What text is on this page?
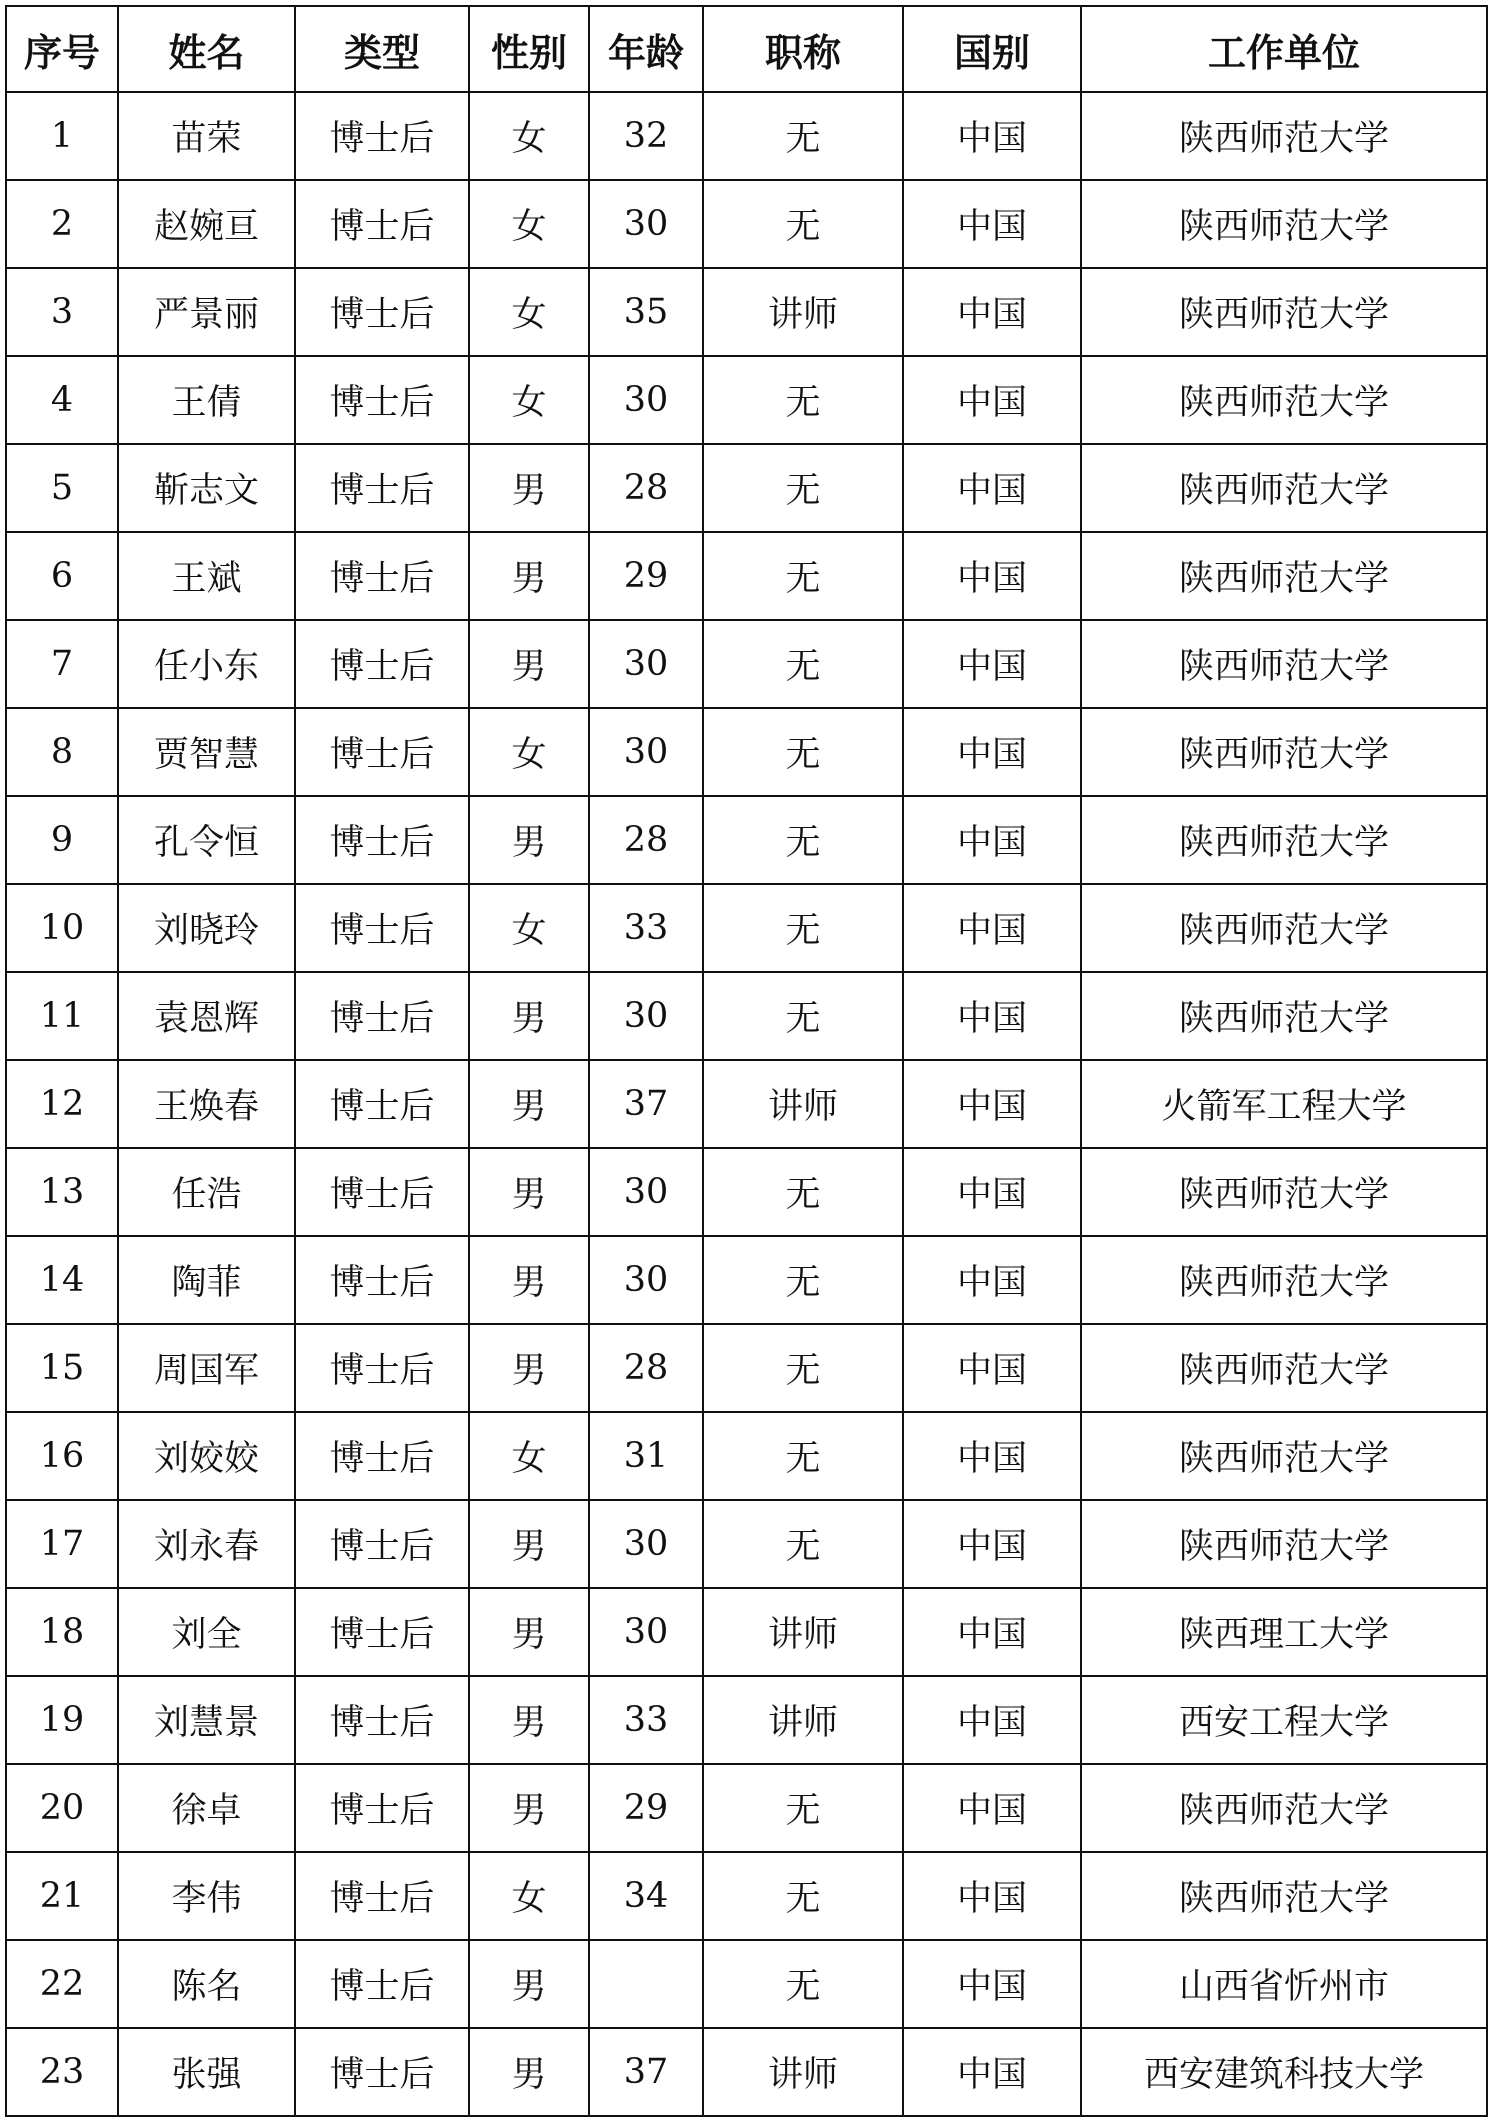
序号	姓名	类型	性别	年龄	职称	国别	工作单位
1	苗荣	博士后	女	32	无	中国	陕西师范大学
2	赵婉亘	博士后	女	30	无	中国	陕西师范大学
3	严景丽	博士后	女	35	讲师	中国	陕西师范大学
4	王倩	博士后	女	30	无	中国	陕西师范大学
5	靳志文	博士后	男	28	无	中国	陕西师范大学
6	王斌	博士后	男	29	无	中国	陕西师范大学
7	任小东	博士后	男	30	无	中国	陕西师范大学
8	贾智慧	博士后	女	30	无	中国	陕西师范大学
9	孔令恒	博士后	男	28	无	中国	陕西师范大学
10	刘晓玲	博士后	女	33	无	中国	陕西师范大学
11	袁恩辉	博士后	男	30	无	中国	陕西师范大学
12	王焕春	博士后	男	37	讲师	中国	火箭军工程大学
13	任浩	博士后	男	30	无	中国	陕西师范大学
14	陶菲	博士后	男	30	无	中国	陕西师范大学
15	周国军	博士后	男	28	无	中国	陕西师范大学
16	刘姣姣	博士后	女	31	无	中国	陕西师范大学
17	刘永春	博士后	男	30	无	中国	陕西师范大学
18	刘全	博士后	男	30	讲师	中国	陕西理工大学
19	刘慧景	博士后	男	33	讲师	中国	西安工程大学
20	徐卓	博士后	男	29	无	中国	陕西师范大学
21	李伟	博士后	女	34	无	中国	陕西师范大学
22	陈名	博士后	男		无	中国	山西省忻州市
23	张强	博士后	男	37	讲师	中国	西安建筑科技大学
